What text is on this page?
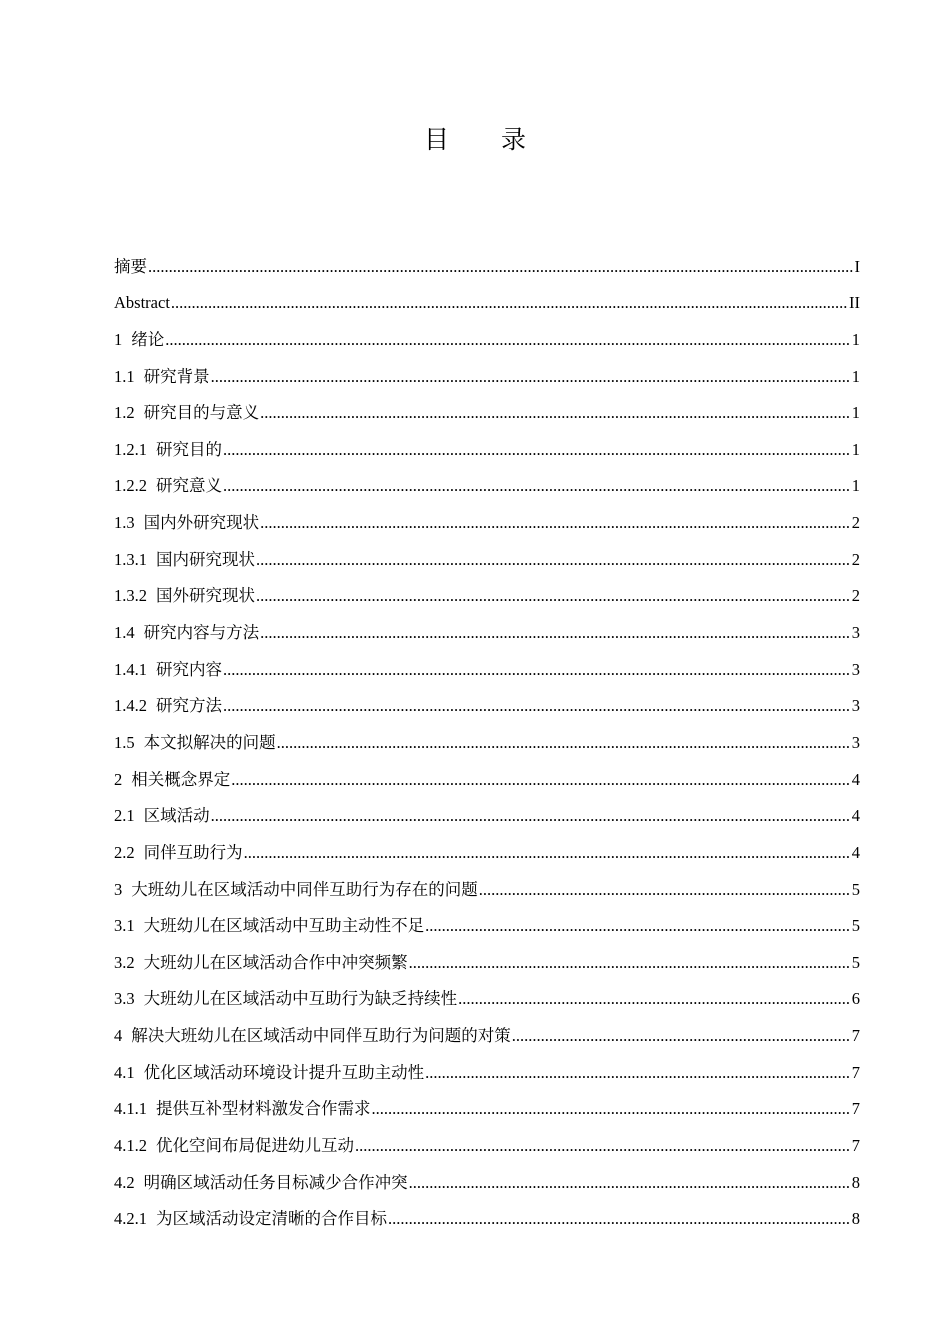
目 录
摘要 .....	I
Abstract .....	II
1 绪论 .....	1
1.1 研究背景 .....	1
1.2 研究目的与意义 .....	1
1.2.1 研究目的 .....	1
1.2.2 研究意义 .....	1
1.3 国内外研究现状 .....	2
1.3.1 国内研究现状 .....	2
1.3.2 国外研究现状 .....	2
1.4 研究内容与方法 .....	3
1.4.1 研究内容 .....	3
1.4.2 研究方法 .....	3
1.5 本文拟解决的问题 .....	3
2 相关概念界定 .....	4
2.1 区域活动 .....	4
2.2 同伴互助行为 .....	4
3 大班幼儿在区域活动中同伴互助行为存在的问题 .....	5
3.1 大班幼儿在区域活动中互助主动性不足 .....	5
3.2 大班幼儿在区域活动合作中冲突频繁 .....	5
3.3 大班幼儿在区域活动中互助行为缺乏持续性 .....	6
4 解决大班幼儿在区域活动中同伴互助行为问题的对策 .....	7
4.1 优化区域活动环境设计提升互助主动性 .....	7
4.1.1 提供互补型材料激发合作需求 .....	7
4.1.2 优化空间布局促进幼儿互动 .....	7
4.2 明确区域活动任务目标减少合作冲突 .....	8
4.2.1 为区域活动设定清晰的合作目标 .....	8
